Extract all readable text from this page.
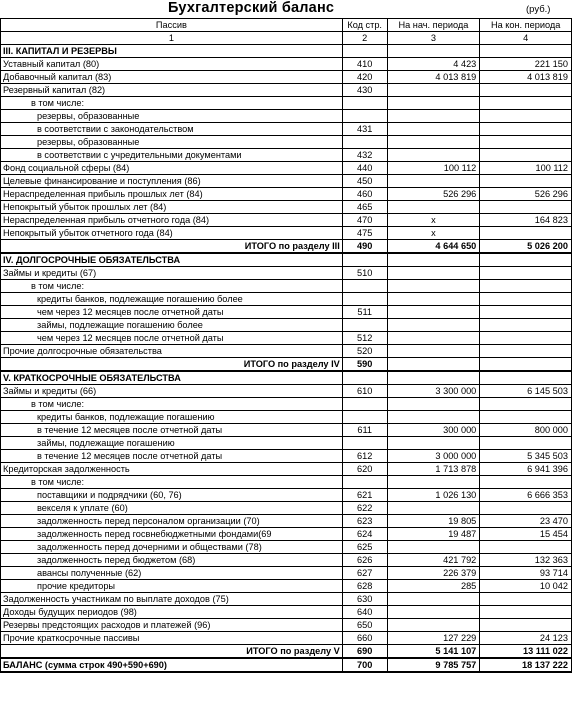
Бухгалтерский баланс	(руб.)
Пассив	Код стр.	На нач. периода	На кон. периода
1	2	3	4
III. КАПИТАЛ И РЕЗЕРВЫ			
Уставный капитал (80)	410	4 423	221 150
Добавочный капитал (83)	420	4 013 819	4 013 819
Резервный капитал (82)	430		
в том числе:			
резервы, образованные			
в соответствии с законодательством	431		
резервы, образованные			
в соответствии с учредительными документами	432		
Фонд социальной сферы (84)	440	100 112	100 112
Целевые финансирование и поступления (86)	450		
Нераспределенная прибыль прошлых лет (84)	460	526 296	526 296
Непокрытый убыток прошлых лет (84)	465		
Нераспределенная прибыль отчетного года (84)	470	x	164 823
Непокрытый убыток отчетного года (84)	475	x	
ИТОГО по разделу III	490	4 644 650	5 026 200
IV. ДОЛГОСРОЧНЫЕ ОБЯЗАТЕЛЬСТВА			
Займы и кредиты (67)	510		
в том числе:			
кредиты банков, подлежащие погашению более			
чем через 12 месяцев после отчетной даты	511		
займы, подлежащие погашению более			
чем через 12 месяцев после отчетной даты	512		
Прочие долгосрочные обязательства	520		
ИТОГО по разделу IV	590		
V. КРАТКОСРОЧНЫЕ ОБЯЗАТЕЛЬСТВА			
Займы и кредиты (66)	610	3 300 000	6 145 503
в том числе:			
кредиты банков, подлежащие погашению			
в течение 12 месяцев после отчетной даты	611	300 000	800 000
займы, подлежащие погашению			
в течение 12 месяцев после отчетной даты	612	3 000 000	5 345 503
Кредиторская задолженность	620	1 713 878	6 941 396
в том числе:			
поставщики и подрядчики (60, 76)	621	1 026 130	6 666 353
векселя к уплате (60)	622		
задолженность перед персоналом организации (70)	623	19 805	23 470
задолженность перед госвнебюджетными фондами(69	624	19 487	15 454
задолженность перед дочерними и обществами (78)	625		
задолженность перед бюджетом (68)	626	421 792	132 363
авансы полученные (62)	627	226 379	93 714
прочие кредиторы	628	285	10 042
Задолженность участникам по выплате доходов (75)	630		
Доходы будущих периодов (98)	640		
Резервы предстоящих расходов и платежей (96)	650		
Прочие краткосрочные пассивы	660	127 229	24 123
ИТОГО по разделу V	690	5 141 107	13 111 022
БАЛАНС (сумма строк 490+590+690)	700	9 785 757	18 137 222
